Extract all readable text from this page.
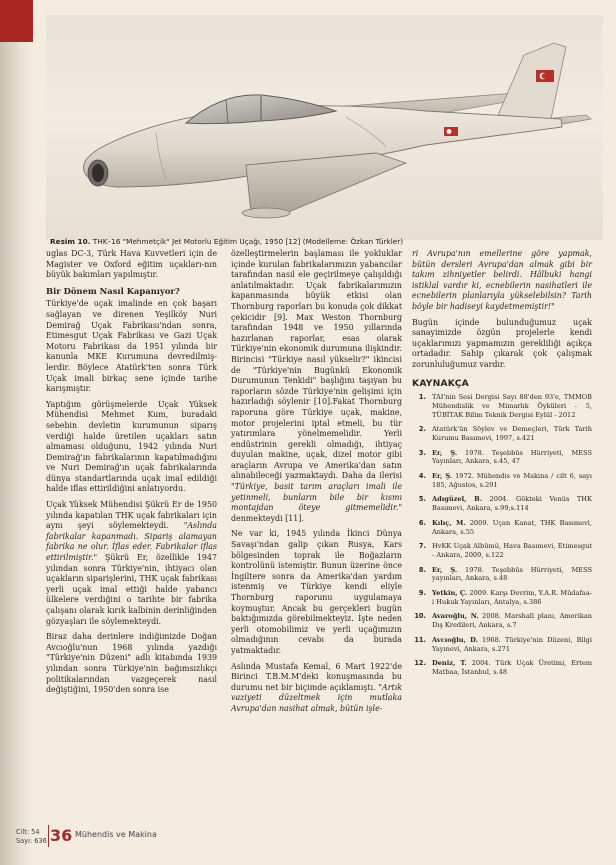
Resim 10. THK–16 "Mehmetçik" Jet Motorlu Eğitim Uçağı, 1950 [12] (Modelleme: Özkan Türkler)

uglas DC-3, Türk Hava Kuvvetleri için de Magister ve Oxford eğitim uçakları-nın büyük bakımları yapılmıştır.

Bir Dönem Nasıl Kapanıyor?

Türkiye'de uçak imalinde en çok başarı sağlayan ve direnen Yeşilköy Nuri Demirağ Uçak Fabrikası'ndan sonra, Etimesgut Uçak Fabrikası ve Gazi Uçak Motoru Fabrikası da 1951 yılında bir kanunla MKE Kurumuna devredilmiş-lerdir. Böylece Atatürk'ten sonra Türk Uçak imali birkaç sene içinde tarihe karışmıştır.

Yaptığım görüşmelerde Uçak Yüksek Mühendisi Mehmet Kum, buradaki sebebin devletin kurumunun siparış verdiği halde üretilen uçakları satın almaması olduğunu, 1942 yılında Nuri Demirağ'ın fabrikalarının kapatılmadığını ve Nuri Demirağ'ın uçak fabrikalarında dünya standartlarında uçak imal edildiği halde iflas ettirildiğini anlatıyordu.

Uçak Yüksek Mühendisi Şükrü Er de 1950 yılında kapatılan THK uçak fabrikaları için aynı şeyi söylemekteydi. "Aslında fabrikalar kapanmadı. Sipariş alamayan fabrika ne olur. İflas eder. Fabrikalar iflas ettirilmiştir." Şükrü Er, özellikle 1947 yılından sonra Türkiye'nin, ihtiyacı olan uçakların siparişlerini, THK uçak fabrikası yerli uçak imal ettiği halde yabancı ülkelere verdiğini o tarihte bir fabrika çalışanı olarak kırık kalbinin derinliğinden gözyaşları ile söylemekteydi.

Biraz daha derinlere indiğimizde Doğan Avcıoğlu'nun 1968 yılında yazdığı "Türkiye'nin Düzeni" adlı kitabında 1939 yılından sonra Türkiye'nin bağımsızlıkçı politikalarından vazgeçerek nasıl değiştiğini, 1950'den sonra ise

özelleştirmelerin başlaması ile yokluklar içinde kurulan fabrikalarımızın yabancılar tarafından nasıl ele geçirilmeye çalışıldığı anlatılmaktadır. Uçak fabrikalarımızın kapanmasında büyük etkisi olan Thornburg raporları bu konuda çok dikkat çekicidir [9]. Max Weston Thornburg tarafından 1948 ve 1950 yıllarında hazırlanan raporlar, esas olarak Türkiye'nin ekonomik durumuna ilişkindir. Birincisi "Türkiye nasıl yükselir?" ikincisi de "Türkiye'nin Bugünkü Ekonomik Durumunun Tenkidi" başlığını taşıyan bu raporların sözde Türkiye'nin gelişimi için hazırladığı söylenir [10].Fakat Thornburg raporuna göre Türkiye uçak, makine, motor projelerini iptal etmeli, bu tür yatırımlara yönelmemelidir. Yerli endüstrinin gerekli olmadığı, ihtiyaç duyulan makine, uçak, dizel motor gibi araçların Avrupa ve Amerika'dan satın alınabileceği yazmaktaydı. Daha da ilerisi "Türkiye, basit tarım araçları imali ile yetinmeli, bunların bile bir kısmı montajdan öteye gitmemelidir." denmekteydi [11].

Ne var ki, 1945 yılında İkinci Dünya Savaşı'ndan galip çıkan Rusya, Kars bölgesinden toprak ile Boğazların kontrolünü istemiştir. Bunun üzerine önce İngiltere sonra da Amerika'dan yardım istenmiş ve Türkiye kendi eliyle Thornburg raporunu uygulamaya koymuştur. Ancak bu gerçekleri bugün baktığımızda görebilmekteyiz. İşte neden yerli otomobilimiz ve yerli uçağımızın olmadığının cevabı da burada yatmaktadır.

Aslında Mustafa Kemal, 6 Mart 1922'de Birinci T.B.M.M'deki konuşmasında bu durumu net bir biçimde açıklamıştı. "Artık vaziyeti düzeltmek için mutlaka Avrupa'dan nasihat almak, bütün işle-

ri Avrupa'nın emellerine göre yapmak, bütün dersleri Avrupa'dan almak gibi bir takım zihniyetler belirdi. Hâlbuki hangi istiklal vardır ki, ecnebilerin nasihatleri ile ecnebilerin planlarıyla yükselebilsin? Tarih böyle bir hadiseyi kaydetmemiştir!"

Bugün içinde bulunduğumuz uçak sanayimizde özgün projelerle kendi uçaklarımızı yapmamızın gerekliliği açıkça ortadadır. Sahip çıkarak çok çalışmak zorunluluğumuz vardır.

KAYNAKÇA
1. TAI'nin Sesi Dergisi Sayı 88'den 93'e, TMMOB Mühendislik ve Mimarlık Öyküleri - 5, TÜBİTAK Bilim Teknik Dergisi Eylül - 2012
2. Atatürk'ün Söylev ve Demeçleri, Türk Tarih Kurumu Basımevi, 1997, s.421
3. Er, Ş. 1978. Teşebbüs Hürriyeti, MESS Yayınları, Ankara, s.45, 47
4. Er, Ş. 1972. Mühendis ve Makina / cilt 6, sayı 185, Ağustos, s.291
5. Adıgüzel, B. 2004. Gökteki Venüs THK Basımevi, Ankara, s.99,s.114
6. Kılıç, M. 2009. Uçan Kanat, THK Basımevi, Ankara, s.55
7. HvKK Uçak Albümü, Hava Basımevi, Etimesgut - Ankara, 2009, s.122
8. Er, Ş. 1978. Teşebbüs Hürriyeti, MESS yayınları, Ankara, s.48
9. Yetkin, Ç. 2009. Karşı Devrim, Y.A.R. Müdafaa-i Hukuk Yayınları, Antalya, s.386
10. Avaroğlu, N. 2008. Marshall planı, Amerikan Dış Kredileri, Ankara, s.7
11. Avcıoğlu, D. 1968. Türkiye'nin Düzeni, Bilgi Yayınevi, Ankara, s.271
12. Deniz, T. 2004. Türk Uçak Üretimi, Ertem Matbaa, İstanbul, s.48
Cilt: 54
Sayı: 636 36 Mühendis ve Makina
